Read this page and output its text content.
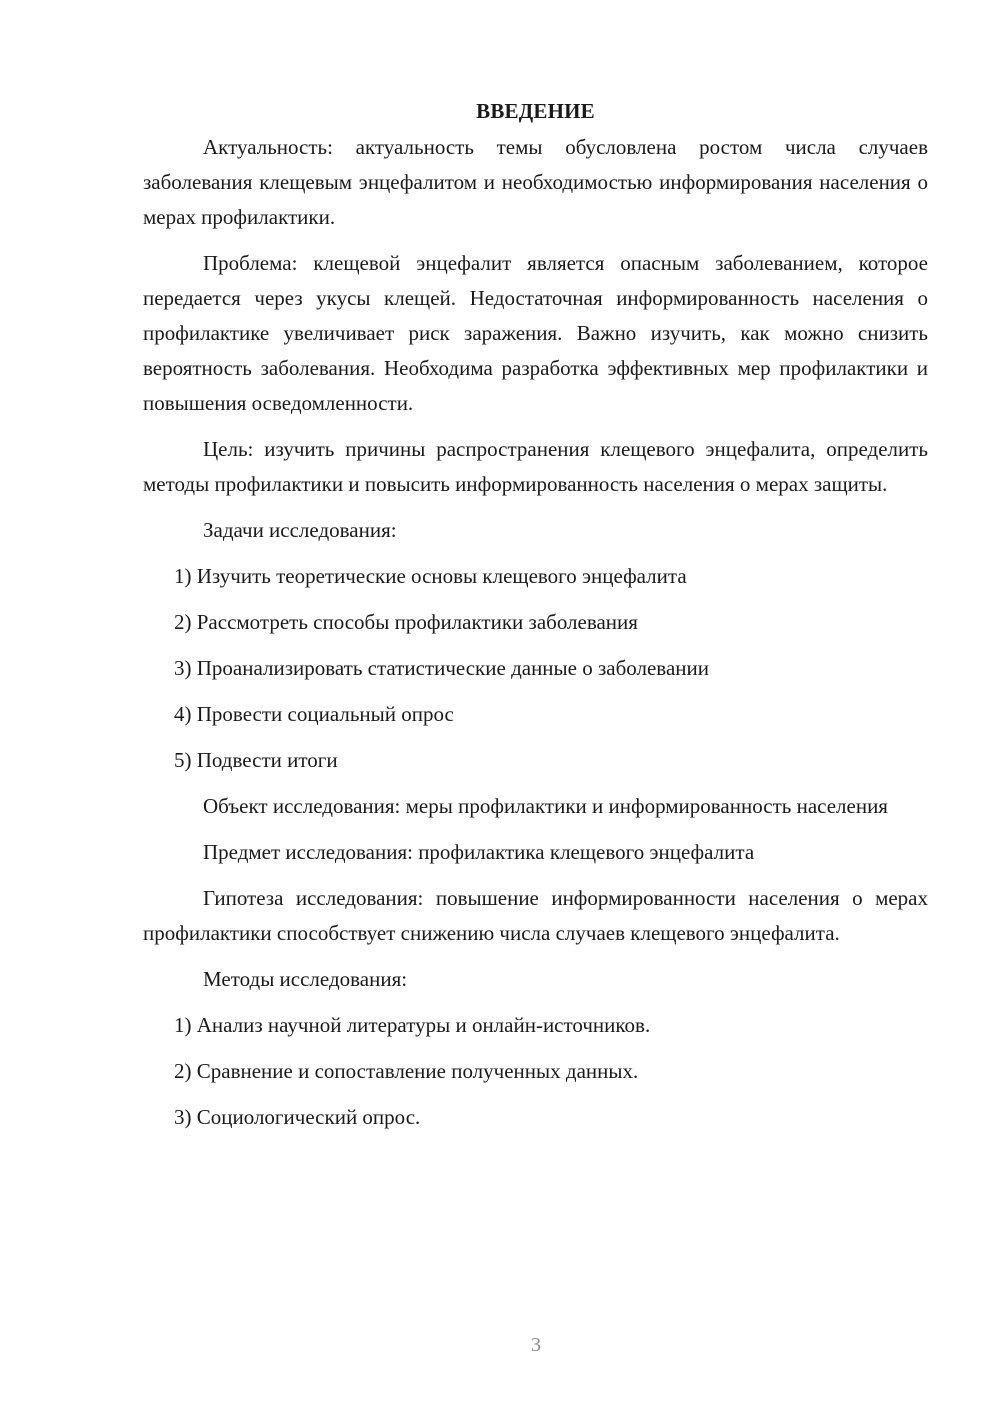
ВВЕДЕНИЕ

Актуальность: актуальность темы обусловлена ростом числа случаев заболевания клещевым энцефалитом и необходимостью информирования населения о мерах профилактики.

Проблема: клещевой энцефалит является опасным заболеванием, которое передается через укусы клещей. Недостаточная информированность населения о профилактике увеличивает риск заражения. Важно изучить, как можно снизить вероятность заболевания. Необходима разработка эффективных мер профилактики и повышения осведомленности.

Цель: изучить причины распространения клещевого энцефалита, определить методы профилактики и повысить информированность населения о мерах защиты.

Задачи исследования:
1) Изучить теоретические основы клещевого энцефалита
2) Рассмотреть способы профилактики заболевания
3) Проанализировать статистические данные о заболевании
4) Провести социальный опрос
5) Подвести итоги

Объект исследования: меры профилактики и информированность населения

Предмет исследования: профилактика клещевого энцефалита

Гипотеза исследования: повышение информированности населения о мерах профилактики способствует снижению числа случаев клещевого энцефалита.

Методы исследования:
1) Анализ научной литературы и онлайн-источников.
2) Сравнение и сопоставление полученных данных.
3) Социологический опрос.
3
